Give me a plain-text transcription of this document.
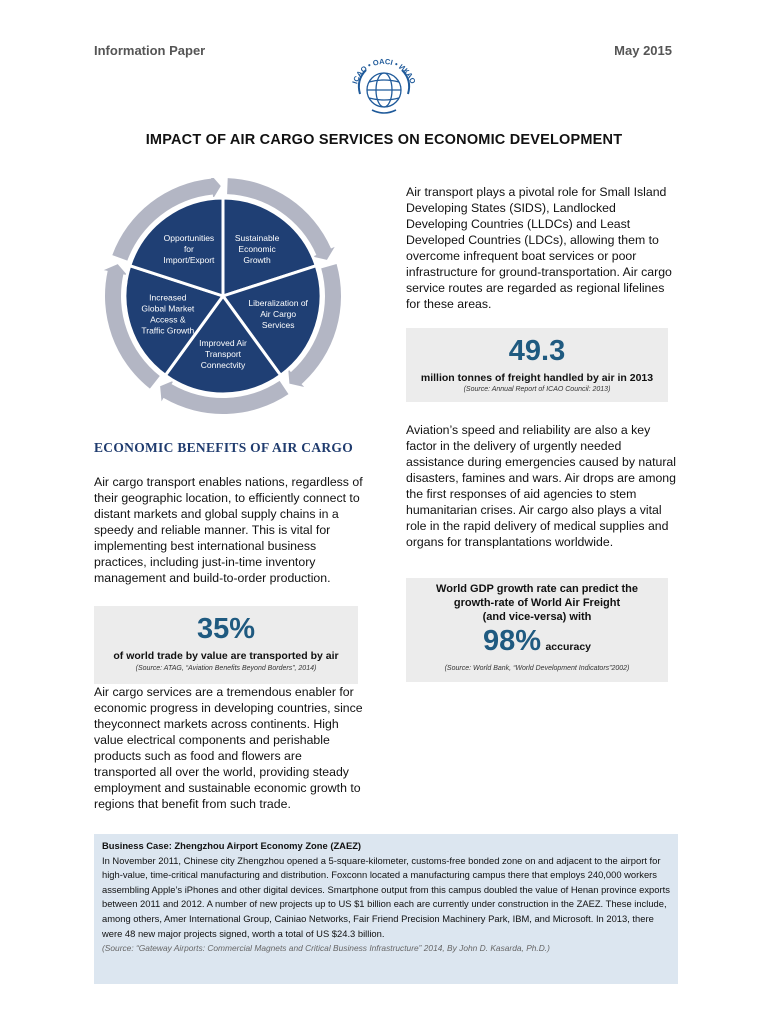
Information Paper	May 2015
ICAO • OACI • ИКАО
IMPACT OF AIR CARGO SERVICES ON ECONOMIC DEVELOPMENT
Sustainable Economic Growth
Liberalization of Air Cargo Services
Improved Air Transport Connectvity
Increased Global Market Access & Traffic Growth
Opportunities for Import/Export
ECONOMIC BENEFITS OF AIR CARGO
Air cargo transport enables nations, regardless of their geographic location, to efficiently connect to distant markets and global supply chains in a speedy and reliable manner. This is vital for implementing best international business practices, including just-in-time inventory management and build-to-order production.
35%
of world trade by value are transported by air
(Source: ATAG, “Aviation Benefits Beyond Borders”, 2014)
Air cargo services are a tremendous enabler for economic progress in developing countries, since theyconnect markets across continents. High value electrical components and perishable products such as food and flowers are transported all over the world, providing steady employment and sustainable economic growth to regions that benefit from such trade.
Air transport plays a pivotal role for Small Island Developing States (SIDS), Landlocked Developing Countries (LLDCs) and Least Developed Countries (LDCs), allowing them to overcome infrequent boat services or poor infrastructure for ground-transportation. Air cargo service routes are regarded as regional lifelines for these areas.
49.3
million tonnes of freight handled by air in 2013
(Source: Annual Report of ICAO Council: 2013)
Aviation’s speed and reliability are also a key factor in the delivery of urgently needed assistance during emergencies caused by natural disasters, famines and wars. Air drops are among the first responses of aid agencies to stem humanitarian crises. Air cargo also plays a vital role in the rapid delivery of medical supplies and organs for transplantations worldwide.
World GDP growth rate can predict the
growth-rate of World Air Freight
(and vice-versa) with
98% accuracy
(Source: World Bank, “World Development Indicators”2002)
Business Case: Zhengzhou Airport Economy Zone (ZAEZ)
In November 2011, Chinese city Zhengzhou opened a 5-square-kilometer, customs-free bonded zone on and adjacent to the airport for high-value, time-critical manufacturing and distribution. Foxconn located a manufacturing campus there that employs 240,000 workers assembling Apple’s iPhones and other digital devices. Smartphone output from this campus doubled the value of Henan province exports between 2011 and 2012. A number of new projects up to US $1 billion each are currently under construction in the ZAEZ. These include, among others, Amer International Group, Cainiao Networks, Fair Friend Precision Machinery Park, IBM, and Microsoft. In 2013, there were 48 new major projects signed, worth a total of US $24.3 billion.
(Source: “Gateway Airports: Commercial Magnets and Critical Business Infrastructure” 2014, By John D. Kasarda, Ph.D.)
